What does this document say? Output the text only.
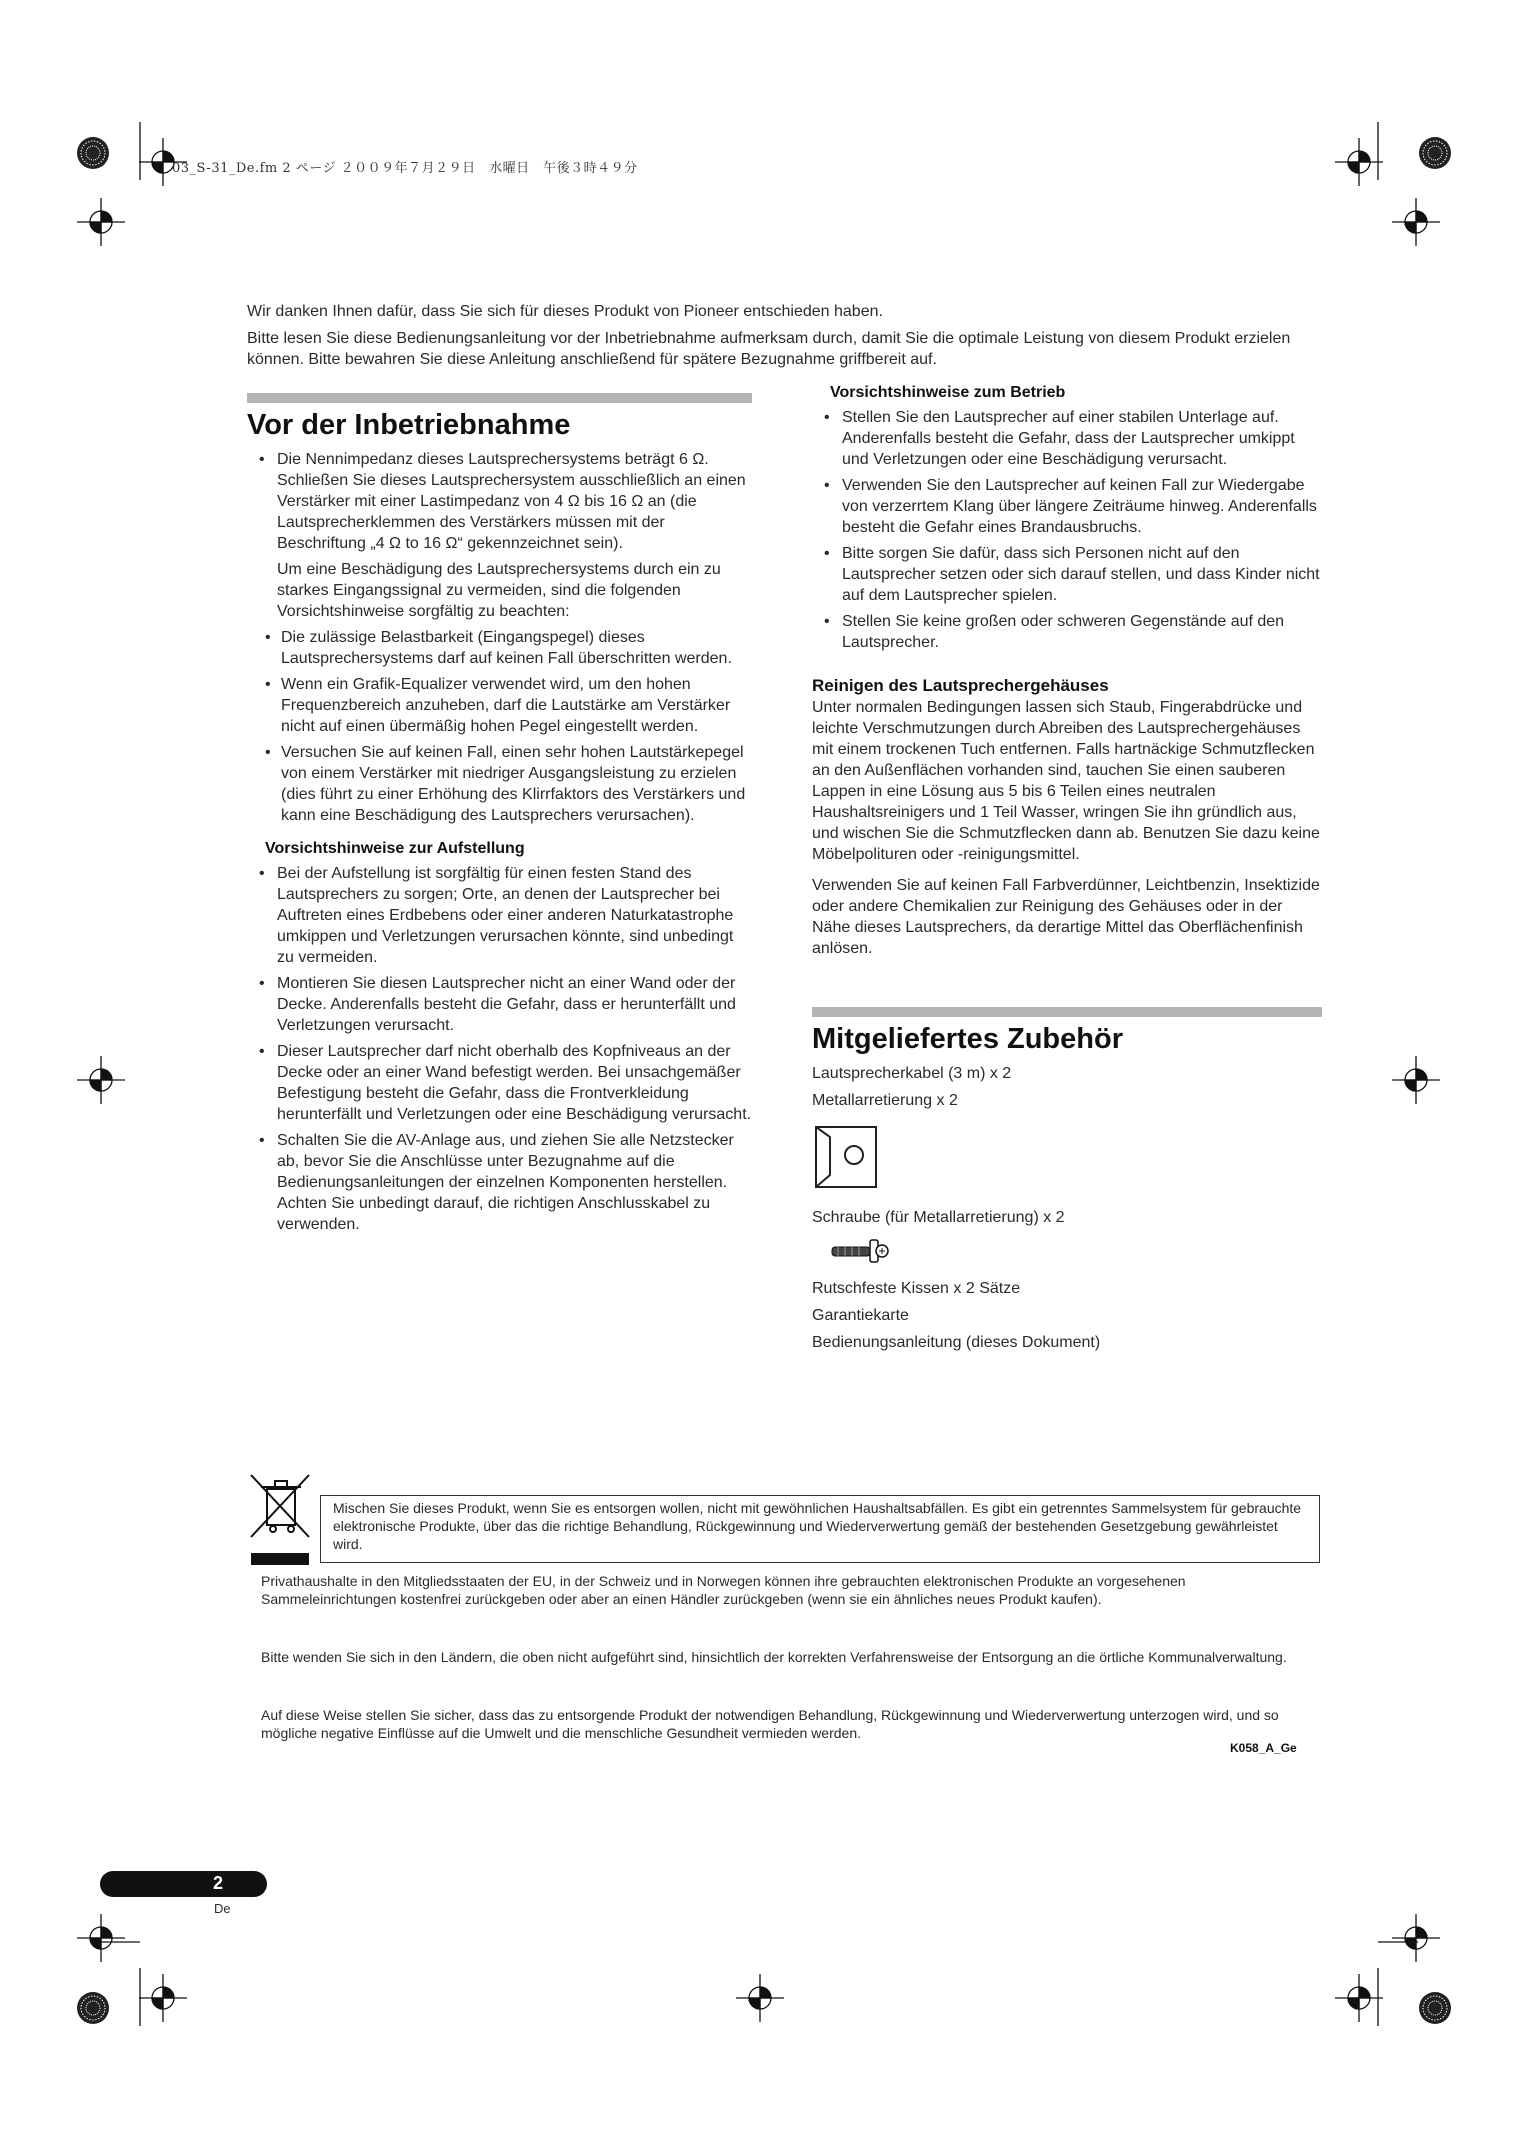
03_S-31_De.fm 2 ページ ２００９年７月２９日　水曜日　午後３時４９分

Wir danken Ihnen dafür, dass Sie sich für dieses Produkt von Pioneer entschieden haben.

Bitte lesen Sie diese Bedienungsanleitung vor der Inbetriebnahme aufmerksam durch, damit Sie die optimale Leistung von diesem Produkt erzielen können. Bitte bewahren Sie diese Anleitung anschließend für spätere Bezugnahme griffbereit auf.

Vor der Inbetriebnahme
• Die Nennimpedanz dieses Lautsprechersystems beträgt 6 Ω. Schließen Sie dieses Lautsprechersystem ausschließlich an einen Verstärker mit einer Lastimpedanz von 4 Ω bis 16 Ω an (die Lautsprecherklemmen des Verstärkers müssen mit der Beschriftung „4 Ω to 16 Ω“ gekennzeichnet sein).

Um eine Beschädigung des Lautsprechersystems durch ein zu starkes Eingangssignal zu vermeiden, sind die folgenden Vorsichtshinweise sorgfältig zu beachten:

• Die zulässige Belastbarkeit (Eingangspegel) dieses Lautsprechersystems darf auf keinen Fall überschritten werden.
• Wenn ein Grafik-Equalizer verwendet wird, um den hohen Frequenzbereich anzuheben, darf die Lautstärke am Verstärker nicht auf einen übermäßig hohen Pegel eingestellt werden.
• Versuchen Sie auf keinen Fall, einen sehr hohen Lautstärkepegel von einem Verstärker mit niedriger Ausgangsleistung zu erzielen (dies führt zu einer Erhöhung des Klirrfaktors des Verstärkers und kann eine Beschädigung des Lautsprechers verursachen).
Vorsichtshinweise zur Aufstellung
• Bei der Aufstellung ist sorgfältig für einen festen Stand des Lautsprechers zu sorgen; Orte, an denen der Lautsprecher bei Auftreten eines Erdbebens oder einer anderen Naturkatastrophe umkippen und Verletzungen verursachen könnte, sind unbedingt zu vermeiden.
• Montieren Sie diesen Lautsprecher nicht an einer Wand oder der Decke. Anderenfalls besteht die Gefahr, dass er herunterfällt und Verletzungen verursacht.
• Dieser Lautsprecher darf nicht oberhalb des Kopfniveaus an der Decke oder an einer Wand befestigt werden. Bei unsachgemäßer Befestigung besteht die Gefahr, dass die Frontverkleidung herunterfällt und Verletzungen oder eine Beschädigung verursacht.
• Schalten Sie die AV-Anlage aus, und ziehen Sie alle Netzstecker ab, bevor Sie die Anschlüsse unter Bezugnahme auf die Bedienungsanleitungen der einzelnen Komponenten herstellen. Achten Sie unbedingt darauf, die richtigen Anschlusskabel zu verwenden.
Vorsichtshinweise zum Betrieb
• Stellen Sie den Lautsprecher auf einer stabilen Unterlage auf. Anderenfalls besteht die Gefahr, dass der Lautsprecher umkippt und Verletzungen oder eine Beschädigung verursacht.
• Verwenden Sie den Lautsprecher auf keinen Fall zur Wiedergabe von verzerrtem Klang über längere Zeiträume hinweg. Anderenfalls besteht die Gefahr eines Brandausbruchs.
• Bitte sorgen Sie dafür, dass sich Personen nicht auf den Lautsprecher setzen oder sich darauf stellen, und dass Kinder nicht auf dem Lautsprecher spielen.
• Stellen Sie keine großen oder schweren Gegenstände auf den Lautsprecher.
Reinigen des Lautsprechergehäuses

Unter normalen Bedingungen lassen sich Staub, Fingerabdrücke und leichte Verschmutzungen durch Abreiben des Lautsprechergehäuses mit einem trockenen Tuch entfernen. Falls hartnäckige Schmutzflecken an den Außenflächen vorhanden sind, tauchen Sie einen sauberen Lappen in eine Lösung aus 5 bis 6 Teilen eines neutralen Haushaltsreinigers und 1 Teil Wasser, wringen Sie ihn gründlich aus, und wischen Sie die Schmutzflecken dann ab. Benutzen Sie dazu keine Möbelpolituren oder -reinigungsmittel.

Verwenden Sie auf keinen Fall Farbverdünner, Leichtbenzin, Insektizide oder andere Chemikalien zur Reinigung des Gehäuses oder in der Nähe dieses Lautsprechers, da derartige Mittel das Oberflächenfinish anlösen.

Mitgeliefertes Zubehör

Lautsprecherkabel (3 m) x 2

Metallarretierung x 2

Schraube (für Metallarretierung) x 2

Rutschfeste Kissen x 2 Sätze

Garantiekarte

Bedienungsanleitung (dieses Dokument)

Mischen Sie dieses Produkt, wenn Sie es entsorgen wollen, nicht mit gewöhnlichen Haushaltsabfällen. Es gibt ein getrenntes Sammelsystem für gebrauchte elektronische Produkte, über das die richtige Behandlung, Rückgewinnung und Wiederverwertung gemäß der bestehenden Gesetzgebung gewährleistet wird.

Privathaushalte in den Mitgliedsstaaten der EU, in der Schweiz und in Norwegen können ihre gebrauchten elektronischen Produkte an vorgesehenen Sammeleinrichtungen kostenfrei zurückgeben oder aber an einen Händler zurückgeben (wenn sie ein ähnliches neues Produkt kaufen).

Bitte wenden Sie sich in den Ländern, die oben nicht aufgeführt sind, hinsichtlich der korrekten Verfahrensweise der Entsorgung an die örtliche Kommunalverwaltung.

Auf diese Weise stellen Sie sicher, dass das zu entsorgende Produkt der notwendigen Behandlung, Rückgewinnung und Wiederverwertung unterzogen wird, und so mögliche negative Einflüsse auf die Umwelt und die menschliche Gesundheit vermieden werden.

K058_A_Ge
2
De
